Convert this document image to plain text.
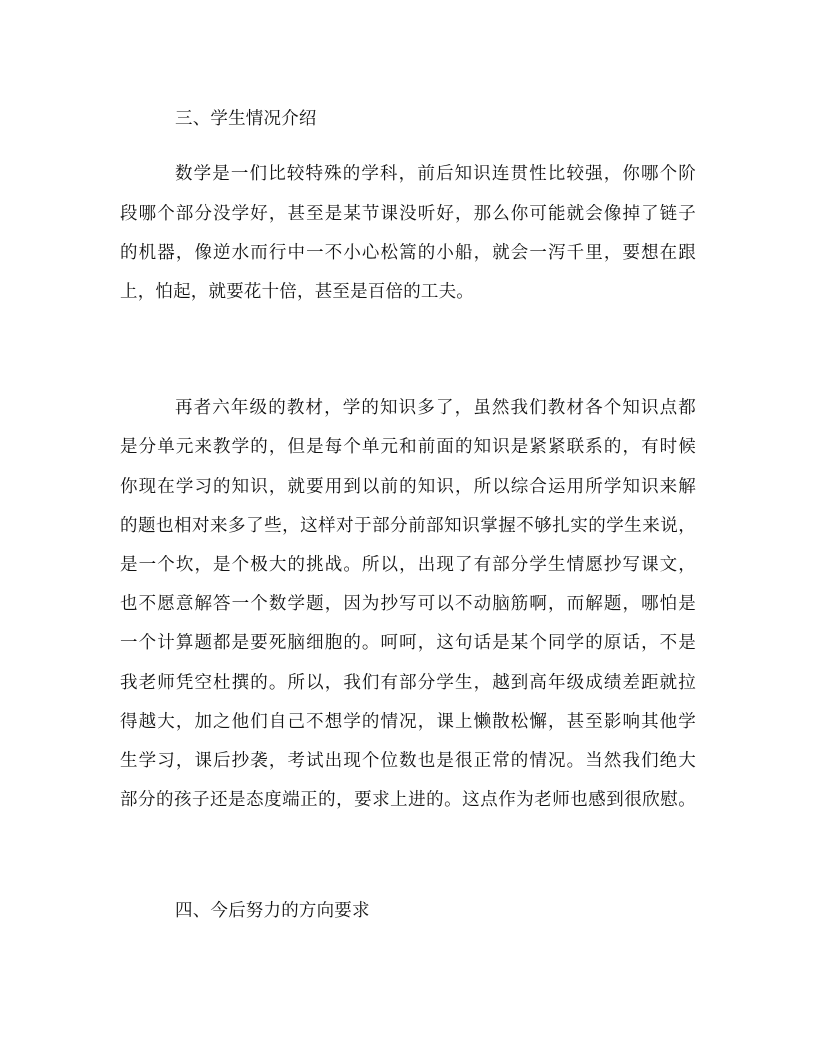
三、学生情况介绍
数学是一们比较特殊的学科，前后知识连贯性比较强，你哪个阶
段哪个部分没学好，甚至是某节课没听好，那么你可能就会像掉了链子
的机器，像逆水而行中一不小心松篙的小船，就会一泻千里，要想在跟
上，怕起，就要花十倍，甚至是百倍的工夫。
再者六年级的教材，学的知识多了，虽然我们教材各个知识点都
是分单元来教学的，但是每个单元和前面的知识是紧紧联系的，有时候
你现在学习的知识，就要用到以前的知识，所以综合运用所学知识来解
的题也相对来多了些，这样对于部分前部知识掌握不够扎实的学生来说，
是一个坎，是个极大的挑战。所以，出现了有部分学生情愿抄写课文，
也不愿意解答一个数学题，因为抄写可以不动脑筋啊，而解题，哪怕是
一个计算题都是要死脑细胞的。呵呵，这句话是某个同学的原话，不是
我老师凭空杜撰的。所以，我们有部分学生，越到高年级成绩差距就拉
得越大，加之他们自己不想学的情况，课上懒散松懈，甚至影响其他学
生学习，课后抄袭，考试出现个位数也是很正常的情况。当然我们绝大
部分的孩子还是态度端正的，要求上进的。这点作为老师也感到很欣慰。
四、今后努力的方向要求
